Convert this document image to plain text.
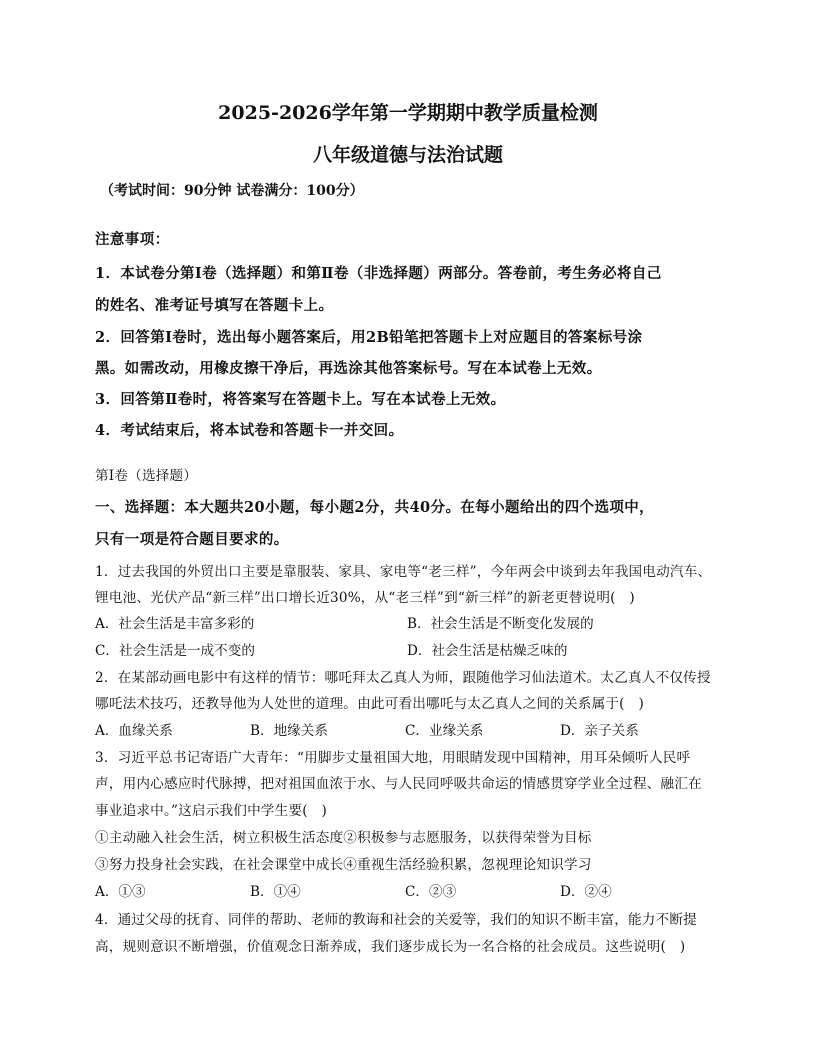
2025-2026学年第一学期期中教学质量检测
八年级道德与法治试题
（考试时间：90分钟 试卷满分：100分）
注意事项：
1．本试卷分第Ⅰ卷（选择题）和第Ⅱ卷（非选择题）两部分。答卷前，考生务必将自己
的姓名、准考证号填写在答题卡上。
2．回答第Ⅰ卷时，选出每小题答案后，用2B铅笔把答题卡上对应题目的答案标号涂
黑。如需改动，用橡皮擦干净后，再选涂其他答案标号。写在本试卷上无效。
3．回答第Ⅱ卷时，将答案写在答题卡上。写在本试卷上无效。
4．考试结束后，将本试卷和答题卡一并交回。
第Ⅰ卷（选择题）
一、选择题：本大题共20小题，每小题2分，共40分。在每小题给出的四个选项中，
只有一项是符合题目要求的。
1．过去我国的外贸出口主要是靠服装、家具、家电等“老三样”，今年两会中谈到去年我国电动汽车、
锂电池、光伏产品“新三样”出口增长近30%，从“老三样”到“新三样”的新老更替说明(　)
A．社会生活是丰富多彩的	B．社会生活是不断变化发展的
C．社会生活是一成不变的	D．社会生活是枯燥乏味的
2．在某部动画电影中有这样的情节：哪吒拜太乙真人为师，跟随他学习仙法道术。太乙真人不仅传授
哪吒法术技巧，还教导他为人处世的道理。由此可看出哪吒与太乙真人之间的关系属于(　)
A．血缘关系	B．地缘关系	C．业缘关系	D．亲子关系
3．习近平总书记寄语广大青年：“用脚步丈量祖国大地，用眼睛发现中国精神，用耳朵倾听人民呼
声，用内心感应时代脉搏，把对祖国血浓于水、与人民同呼吸共命运的情感贯穿学业全过程、融汇在
事业追求中。”这启示我们中学生要(　)
①主动融入社会生活，树立积极生活态度②积极参与志愿服务，以获得荣誉为目标
③努力投身社会实践，在社会课堂中成长④重视生活经验积累，忽视理论知识学习
A．①③	B．①④	C．②③	D．②④
4．通过父母的抚育、同伴的帮助、老师的教诲和社会的关爱等，我们的知识不断丰富，能力不断提
高，规则意识不断增强，价值观念日渐养成，我们逐步成长为一名合格的社会成员。这些说明(　)
